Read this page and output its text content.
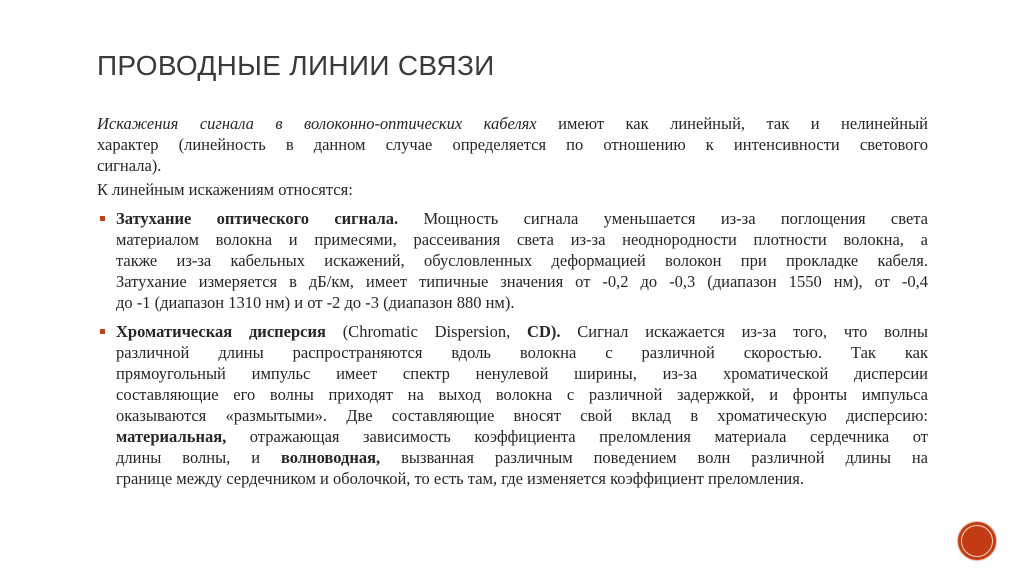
ПРОВОДНЫЕ ЛИНИИ СВЯЗИ
Искажения сигнала в волоконно-оптических кабелях имеют как линейный, так и нелинейный
характер (линейность в данном случае определяется по отношению к интенсивности светового
сигнала).
К линейным искажениям относятся:
Затухание оптического сигнала. Мощность сигнала уменьшается из-за поглощения света
материалом волокна и примесями, рассеивания света из-за неоднородности плотности волокна, а
также из-за кабельных искажений, обусловленных деформацией волокон при прокладке кабеля.
Затухание измеряется в дБ/км, имеет типичные значения от -0,2 до -0,3 (диапазон 1550 нм), от -0,4
до -1 (диапазон 1310 нм) и от -2 до -3 (диапазон 880 нм).
Хроматическая дисперсия (Chromatic Dispersion, CD). Сигнал искажается из-за того, что волны
различной длины распространяются вдоль волокна с различной скоростью. Так как
прямоугольный импульс имеет спектр ненулевой ширины, из-за хроматической дисперсии
составляющие его волны приходят на выход волокна с различной задержкой, и фронты импульса
оказываются «размытыми». Две составляющие вносят свой вклад в хроматическую дисперсию:
материальная, отражающая зависимость коэффициента преломления материала сердечника от
длины волны, и волноводная, вызванная различным поведением волн различной длины на
границе между сердечником и оболочкой, то есть там, где изменяется коэффициент преломления.
